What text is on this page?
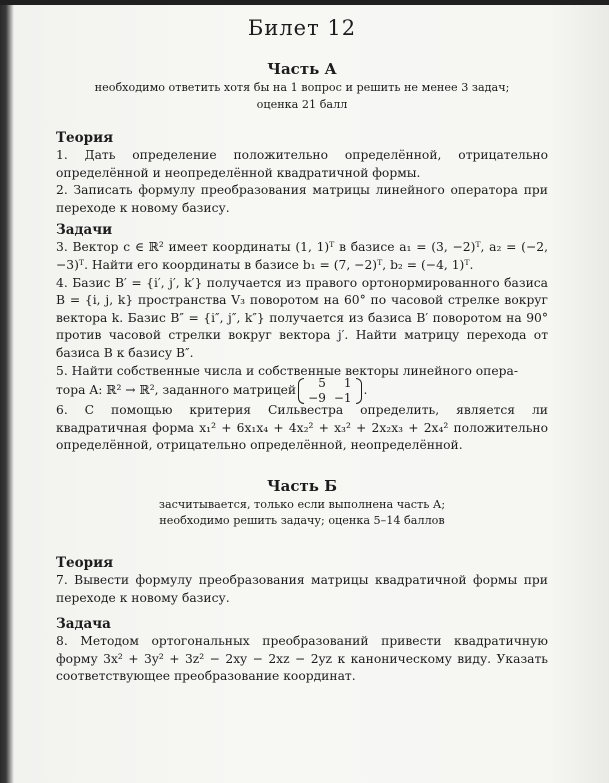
Билет 12
Часть А
необходимо ответить хотя бы на 1 вопрос и решить не менее 3 задач;
оценка 21 балл
Теория

1. Дать определение положительно определённой, отрицательно определённой и неопределённой квадратичной формы.

2. Записать формулу преобразования матрицы линейного оператора при переходе к новому базису.

Задачи

3. Вектор c ∈ ℝ² имеет координаты (1, 1)ᵀ в базисе a₁ = (3, −2)ᵀ, a₂ = (−2, −3)ᵀ. Найти его координаты в базисе b₁ = (7, −2)ᵀ, b₂ = (−4, 1)ᵀ.

4. Базис B′ = {i′, j′, k′} получается из правого ортонормированного базиса B = {i, j, k} пространства V₃ поворотом на 60° по часовой стрелке вокруг вектора k. Базис B″ = {i″, j″, k″} получается из базиса B′ поворотом на 90° против часовой стрелки вокруг вектора j′. Найти матрицу перехода от базиса B к базису B″.

5. Найти собственные числа и собственные векторы линейного опера-

тора A: ℝ² → ℝ², заданного матрицей
5	1
−9	−1
.

6. С помощью критерия Сильвестра определить, является ли квадратичная форма x₁² + 6x₁x₄ + 4x₂² + x₃² + 2x₂x₃ + 2x₄² положительно определённой, отрицательно определённой, неопределённой.

Часть Б
засчитывается, только если выполнена часть А;
необходимо решить задачу; оценка 5–14 баллов
Теория

7. Вывести формулу преобразования матрицы квадратичной формы при переходе к новому базису.

Задача

8. Методом ортогональных преобразований привести квадратичную форму 3x² + 3y² + 3z² − 2xy − 2xz − 2yz к каноническому виду. Указать соответствующее преобразование координат.
